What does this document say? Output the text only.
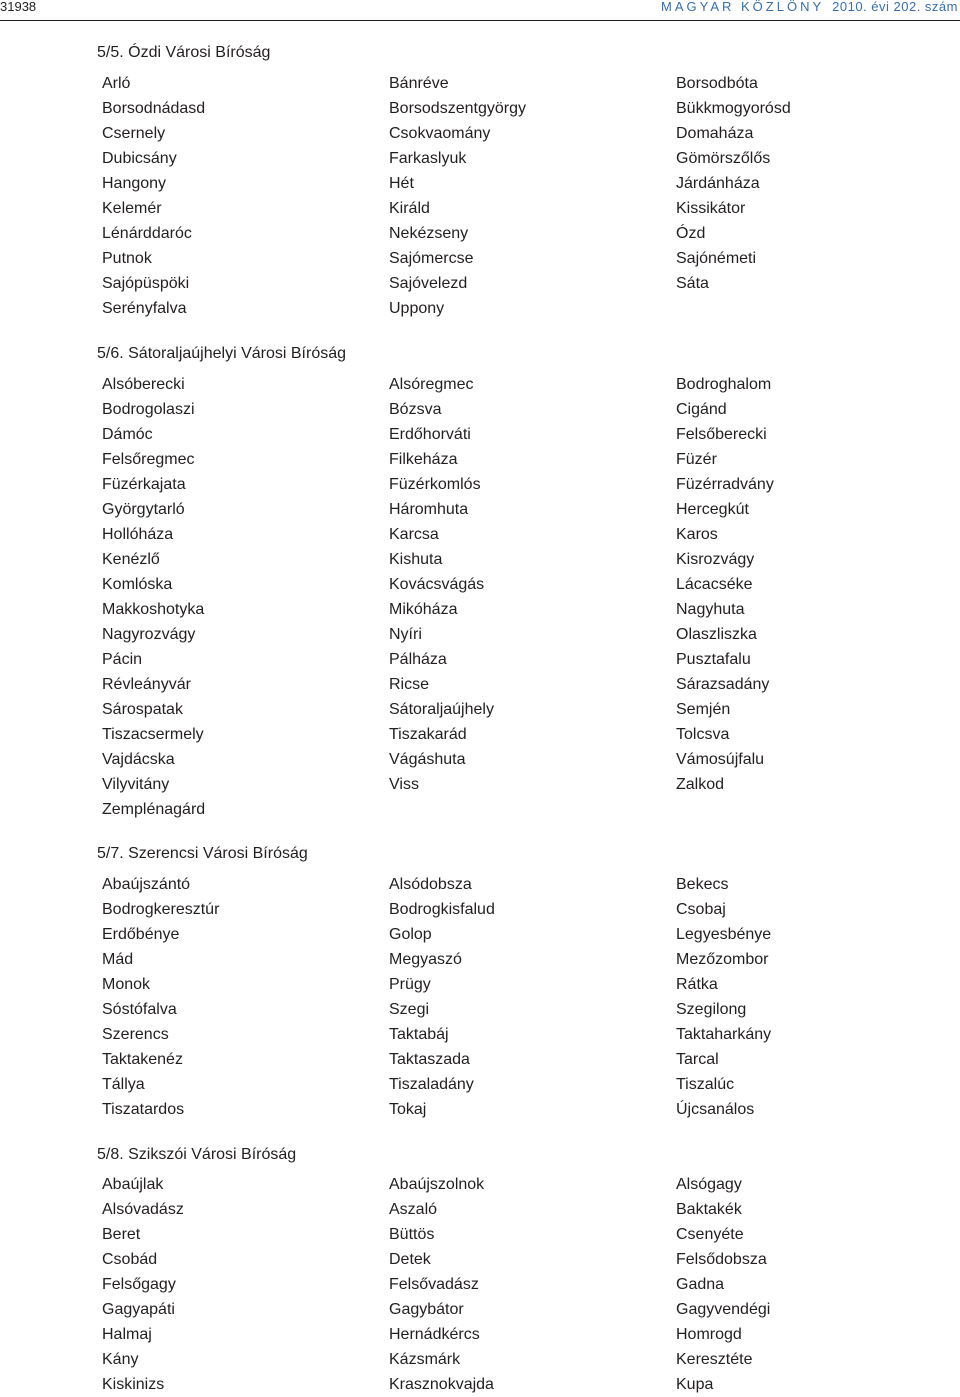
31938	MAGYAR KÖZLÖNY 2010. évi 202. szám
5/5. Ózdi Városi Bíróság
Arló	Bánréve	Borsodbóta
Borsodnádasd	Borsodszentgyörgy	Bükkmogyorósd
Csernely	Csokvaomány	Domaháza
Dubicsány	Farkaslyuk	Gömörszőlős
Hangony	Hét	Járdánháza
Kelemér	Királd	Kissikátor
Lénárddaróc	Nekézseny	Ózd
Putnok	Sajómercse	Sajónémeti
Sajópüspöki	Sajóvelezd	Sáta
Serényfalva	Uppony
5/6. Sátoraljaújhelyi Városi Bíróság
Alsóberecki	Alsóregmec	Bodroghalom
Bodrogolaszi	Bózsva	Cigánd
Dámóc	Erdőhorváti	Felsőberecki
Felsőregmec	Filkeháza	Füzér
Füzérkajata	Füzérkomlós	Füzérradvány
Györgytarló	Háromhuta	Hercegkút
Hollóháza	Karcsa	Karos
Kenézlő	Kishuta	Kisrozvágy
Komlóska	Kovácsvágás	Lácacséke
Makkoshotyka	Mikóháza	Nagyhuta
Nagyrozvágy	Nyíri	Olaszliszka
Pácin	Pálháza	Pusztafalu
Révleányvár	Ricse	Sárazsadány
Sárospatak	Sátoraljaújhely	Semjén
Tiszacsermely	Tiszakarád	Tolcsva
Vajdácska	Vágáshuta	Vámosújfalu
Vilyvitány	Viss	Zalkod
Zemplénagárd
5/7. Szerencsi Városi Bíróság
Abaújszántó	Alsódobsza	Bekecs
Bodrogkeresztúr	Bodrogkisfalud	Csobaj
Erdőbénye	Golop	Legyesbénye
Mád	Megyaszó	Mezőzombor
Monok	Prügy	Rátka
Sóstófalva	Szegi	Szegilong
Szerencs	Taktabáj	Taktaharkány
Taktakenéz	Taktaszada	Tarcal
Tállya	Tiszaladány	Tiszalúc
Tiszatardos	Tokaj	Újcsanálos
5/8. Szikszói Városi Bíróság
Abaújlak	Abaújszolnok	Alsógagy
Alsóvadász	Aszaló	Baktakék
Beret	Büttös	Csenyéte
Csobád	Detek	Felsődobsza
Felsőgagy	Felsővadász	Gadna
Gagyapáti	Gagybátor	Gagyvendégi
Halmaj	Hernádkércs	Homrogd
Kány	Kázsmárk	Keresztéte
Kiskinizs	Krasznokvajda	Kupa
